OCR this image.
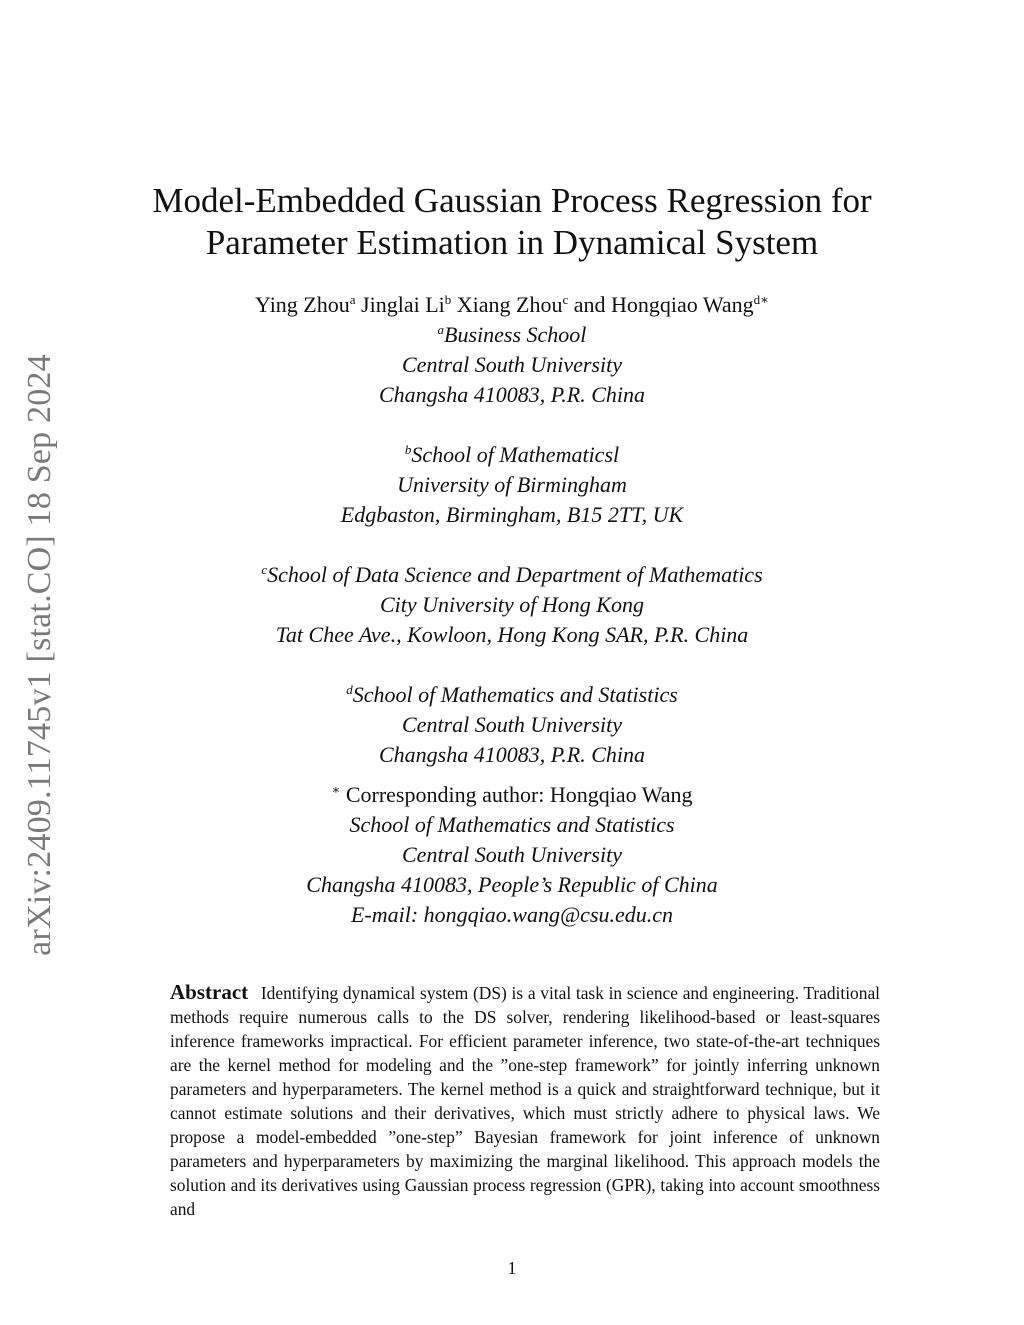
arXiv:2409.11745v1 [stat.CO] 18 Sep 2024
Model-Embedded Gaussian Process Regression for
Parameter Estimation in Dynamical System
Ying Zhou$^a$ Jinglai Li$^b$ Xiang Zhou$^c$ and Hongqiao Wang$^{d∗}$
$^a$Business School
Central South University
Changsha 410083, P.R. China
$^b$School of Mathematicsl
University of Birmingham
Edgbaston, Birmingham, B15 2TT, UK
$^c$School of Data Science and Department of Mathematics
City University of Hong Kong
Tat Chee Ave., Kowloon, Hong Kong SAR, P.R. China
$^d$School of Mathematics and Statistics
Central South University
Changsha 410083, P.R. China
∗ Corresponding author: Hongqiao Wang
School of Mathematics and Statistics
Central South University
Changsha 410083, People’s Republic of China
E-mail: hongqiao.wang@csu.edu.cn
Abstract Identifying dynamical system (DS) is a vital task in science and engineering. Traditional methods require numerous calls to the DS solver, rendering likelihood-based or least-squares inference frameworks impractical. For efficient parameter inference, two state-of-the-art techniques are the kernel method for modeling and the ”one-step framework” for jointly inferring unknown parameters and hyperparameters. The kernel method is a quick and straightforward technique, but it cannot estimate solutions and their derivatives, which must strictly adhere to physical laws. We propose a model-embedded ”one-step” Bayesian framework for joint inference of unknown parameters and hyperparameters by maximizing the marginal likelihood. This approach models the solution and its derivatives using Gaussian process regression (GPR), taking into account smoothness and
1
